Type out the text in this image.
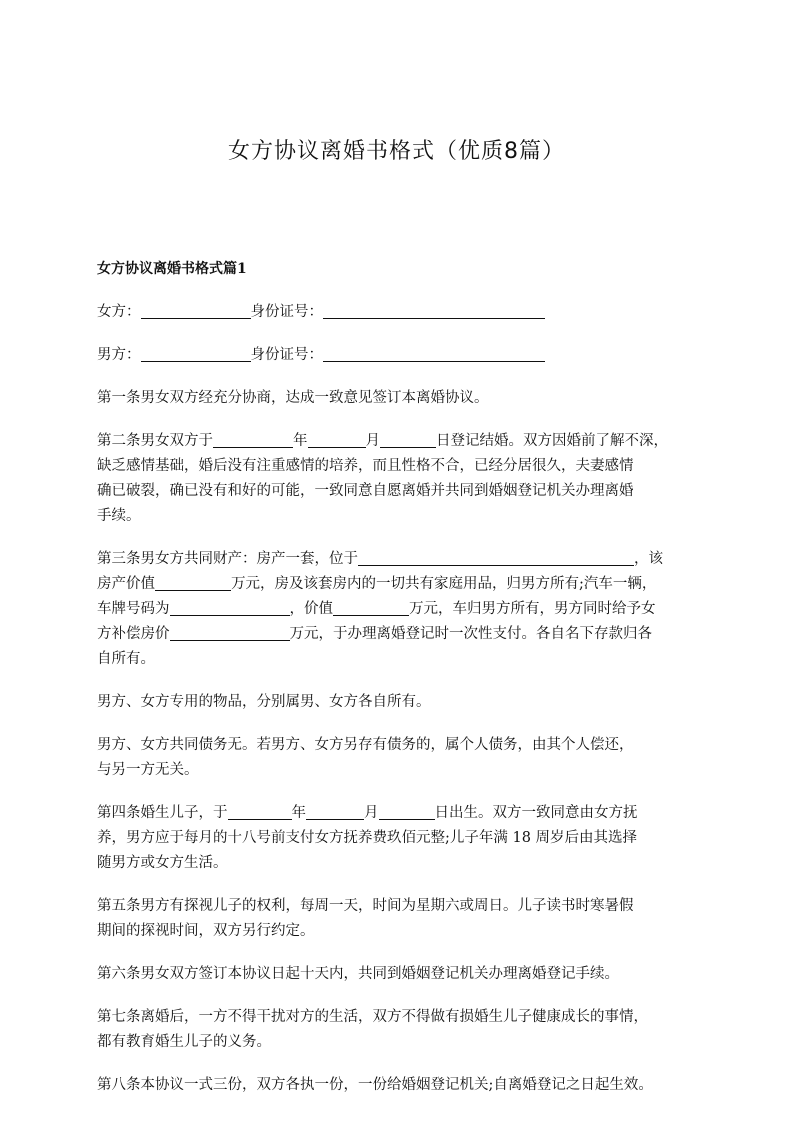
女方协议离婚书格式（优质8篇）
女方协议离婚书格式篇1

女方：	身份证号：

男方：	身份证号：

第一条男女双方经充分协商，达成一致意见签订本离婚协议。

第二条男女双方于	年	月	日登记结婚。双方因婚前了解不深，
缺乏感情基础，婚后没有注重感情的培养，而且性格不合，已经分居很久，夫妻感情
确已破裂，确已没有和好的可能，一致同意自愿离婚并共同到婚姻登记机关办理离婚
手续。

第三条男女方共同财产：房产一套，位于	，该
房产价值	万元，房及该套房内的一切共有家庭用品，归男方所有;汽车一辆，
车牌号码为	，价值	万元，车归男方所有，男方同时给予女
方补偿房价	万元，于办理离婚登记时一次性支付。各自名下存款归各
自所有。

男方、女方专用的物品，分别属男、女方各自所有。

男方、女方共同债务无。若男方、女方另存有债务的，属个人债务，由其个人偿还，
与另一方无关。

第四条婚生儿子，于	年	月	日出生。双方一致同意由女方抚
养，男方应于每月的十八号前支付女方抚养费玖佰元整;儿子年满 18 周岁后由其选择
随男方或女方生活。

第五条男方有探视儿子的权利，每周一天，时间为星期六或周日。儿子读书时寒暑假
期间的探视时间，双方另行约定。

第六条男女双方签订本协议日起十天内，共同到婚姻登记机关办理离婚登记手续。

第七条离婚后，一方不得干扰对方的生活，双方不得做有损婚生儿子健康成长的事情，
都有教育婚生儿子的义务。

第八条本协议一式三份，双方各执一份，一份给婚姻登记机关;自离婚登记之日起生效。
